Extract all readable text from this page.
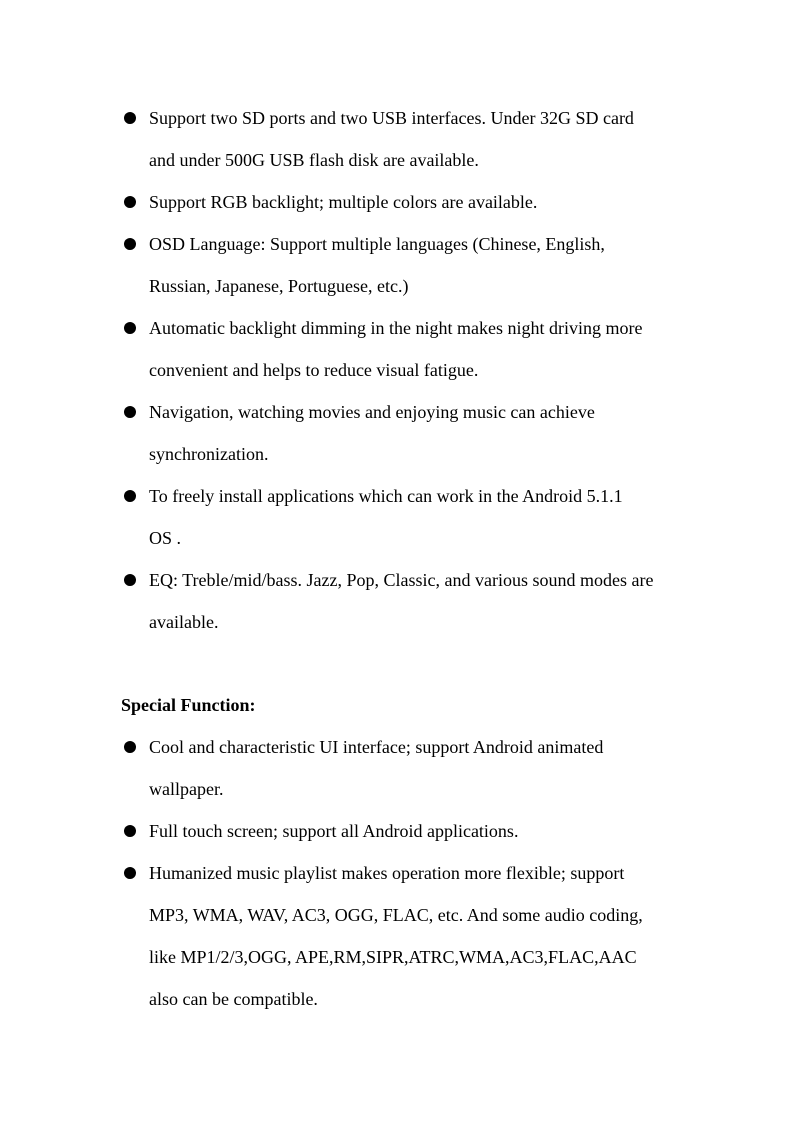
Support two SD ports and two USB interfaces. Under 32G SD card
and under 500G USB flash disk are available.
Support RGB backlight; multiple colors are available.
OSD Language: Support multiple languages (Chinese, English,
Russian, Japanese, Portuguese, etc.)
Automatic backlight dimming in the night makes night driving more
convenient and helps to reduce visual fatigue.
Navigation, watching movies and enjoying music can achieve
synchronization.
To freely install applications which can work in the Android 5.1.1
OS .
EQ: Treble/mid/bass. Jazz, Pop, Classic, and various sound modes are
available.
Special Function:
Cool and characteristic UI interface; support Android animated
wallpaper.
Full touch screen; support all Android applications.
Humanized music playlist makes operation more flexible; support
MP3, WMA, WAV, AC3, OGG, FLAC, etc. And some audio coding,
like MP1/2/3,OGG, APE,RM,SIPR,ATRC,WMA,AC3,FLAC,AAC
also can be compatible.
